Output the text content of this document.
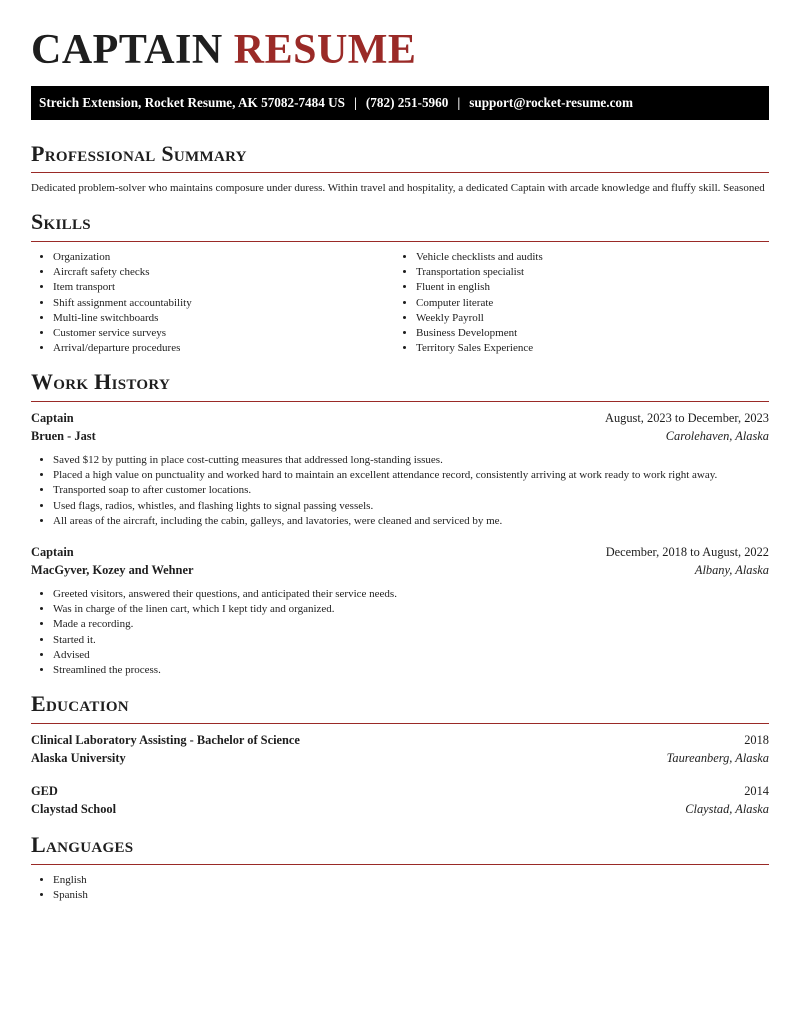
CAPTAIN RESUME
Streich Extension, Rocket Resume, AK 57082-7484 US | (782) 251-5960 | support@rocket-resume.com
Professional Summary
Dedicated problem-solver who maintains composure under duress. Within travel and hospitality, a dedicated Captain with arcade knowledge and fluffy skill. Seasoned
Skills
• Organization
• Aircraft safety checks
• Item transport
• Shift assignment accountability
• Multi-line switchboards
• Customer service surveys
• Arrival/departure procedures
• Vehicle checklists and audits
• Transportation specialist
• Fluent in english
• Computer literate
• Weekly Payroll
• Business Development
• Territory Sales Experience
Work History
Captain	August, 2023 to December, 2023
Bruen - Jast	Carolehaven, Alaska
• Saved $12 by putting in place cost-cutting measures that addressed long-standing issues.
• Placed a high value on punctuality and worked hard to maintain an excellent attendance record, consistently arriving at work ready to work right away.
• Transported soap to after customer locations.
• Used flags, radios, whistles, and flashing lights to signal passing vessels.
• All areas of the aircraft, including the cabin, galleys, and lavatories, were cleaned and serviced by me.
Captain	December, 2018 to August, 2022
MacGyver, Kozey and Wehner	Albany, Alaska
• Greeted visitors, answered their questions, and anticipated their service needs.
• Was in charge of the linen cart, which I kept tidy and organized.
• Made a recording.
• Started it.
• Advised
• Streamlined the process.
Education
Clinical Laboratory Assisting - Bachelor of Science	2018
Alaska University	Taureanberg, Alaska
GED	2014
Claystad School	Claystad, Alaska
Languages
• English
• Spanish
